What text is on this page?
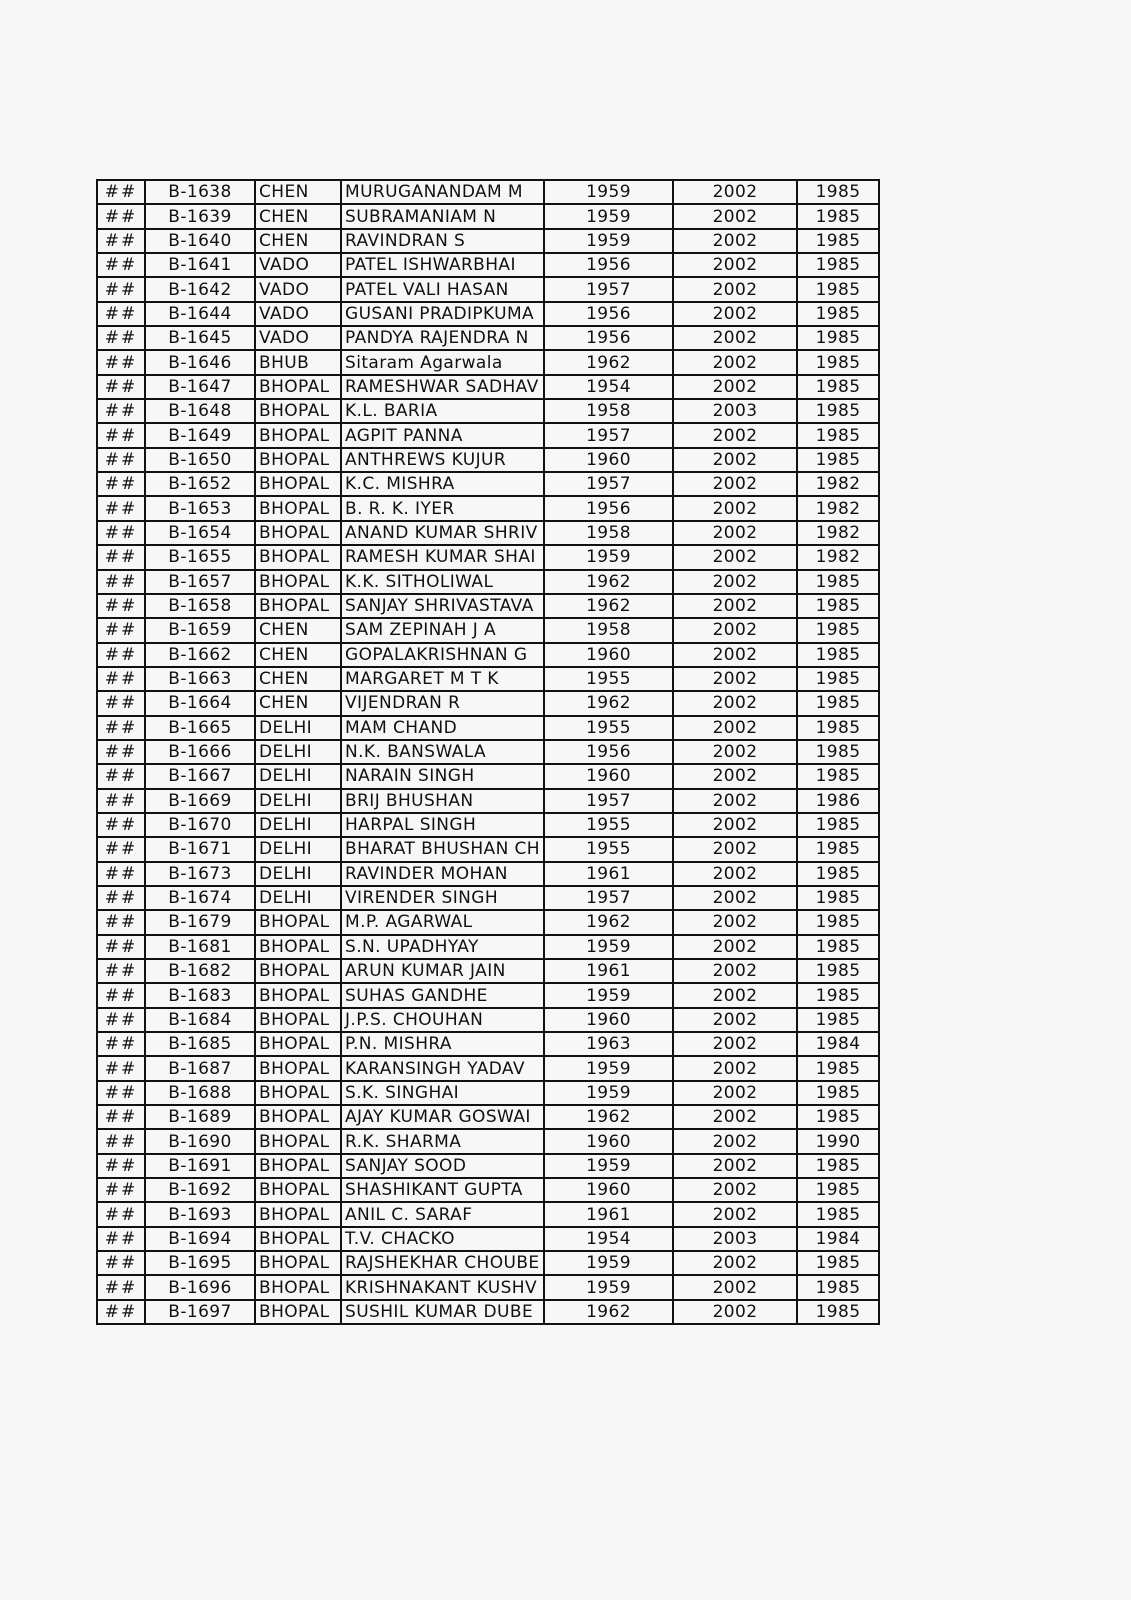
##	B-1638	CHEN	MURUGANANDAM M	1959	2002	1985
##	B-1639	CHEN	SUBRAMANIAM N	1959	2002	1985
##	B-1640	CHEN	RAVINDRAN S	1959	2002	1985
##	B-1641	VADO	PATEL ISHWARBHAI	1956	2002	1985
##	B-1642	VADO	PATEL VALI HASAN	1957	2002	1985
##	B-1644	VADO	GUSANI PRADIPKUMA	1956	2002	1985
##	B-1645	VADO	PANDYA RAJENDRA N	1956	2002	1985
##	B-1646	BHUB	Sitaram Agarwala	1962	2002	1985
##	B-1647	BHOPAL	RAMESHWAR SADHAV	1954	2002	1985
##	B-1648	BHOPAL	K.L. BARIA	1958	2003	1985
##	B-1649	BHOPAL	AGPIT PANNA	1957	2002	1985
##	B-1650	BHOPAL	ANTHREWS KUJUR	1960	2002	1985
##	B-1652	BHOPAL	K.C. MISHRA	1957	2002	1982
##	B-1653	BHOPAL	B. R. K. IYER	1956	2002	1982
##	B-1654	BHOPAL	ANAND KUMAR SHRIV	1958	2002	1982
##	B-1655	BHOPAL	RAMESH KUMAR SHAI	1959	2002	1982
##	B-1657	BHOPAL	K.K. SITHOLIWAL	1962	2002	1985
##	B-1658	BHOPAL	SANJAY SHRIVASTAVA	1962	2002	1985
##	B-1659	CHEN	SAM ZEPINAH J A	1958	2002	1985
##	B-1662	CHEN	GOPALAKRISHNAN G	1960	2002	1985
##	B-1663	CHEN	MARGARET M T K	1955	2002	1985
##	B-1664	CHEN	VIJENDRAN R	1962	2002	1985
##	B-1665	DELHI	MAM CHAND	1955	2002	1985
##	B-1666	DELHI	N.K. BANSWALA	1956	2002	1985
##	B-1667	DELHI	NARAIN SINGH	1960	2002	1985
##	B-1669	DELHI	BRIJ BHUSHAN	1957	2002	1986
##	B-1670	DELHI	HARPAL SINGH	1955	2002	1985
##	B-1671	DELHI	BHARAT BHUSHAN CH	1955	2002	1985
##	B-1673	DELHI	RAVINDER MOHAN	1961	2002	1985
##	B-1674	DELHI	VIRENDER SINGH	1957	2002	1985
##	B-1679	BHOPAL	M.P. AGARWAL	1962	2002	1985
##	B-1681	BHOPAL	S.N. UPADHYAY	1959	2002	1985
##	B-1682	BHOPAL	ARUN KUMAR JAIN	1961	2002	1985
##	B-1683	BHOPAL	SUHAS GANDHE	1959	2002	1985
##	B-1684	BHOPAL	J.P.S. CHOUHAN	1960	2002	1985
##	B-1685	BHOPAL	P.N. MISHRA	1963	2002	1984
##	B-1687	BHOPAL	KARANSINGH YADAV	1959	2002	1985
##	B-1688	BHOPAL	S.K. SINGHAI	1959	2002	1985
##	B-1689	BHOPAL	AJAY KUMAR GOSWAI	1962	2002	1985
##	B-1690	BHOPAL	R.K. SHARMA	1960	2002	1990
##	B-1691	BHOPAL	SANJAY SOOD	1959	2002	1985
##	B-1692	BHOPAL	SHASHIKANT GUPTA	1960	2002	1985
##	B-1693	BHOPAL	ANIL C. SARAF	1961	2002	1985
##	B-1694	BHOPAL	T.V. CHACKO	1954	2003	1984
##	B-1695	BHOPAL	RAJSHEKHAR CHOUBE	1959	2002	1985
##	B-1696	BHOPAL	KRISHNAKANT KUSHV	1959	2002	1985
##	B-1697	BHOPAL	SUSHIL KUMAR DUBE	1962	2002	1985
